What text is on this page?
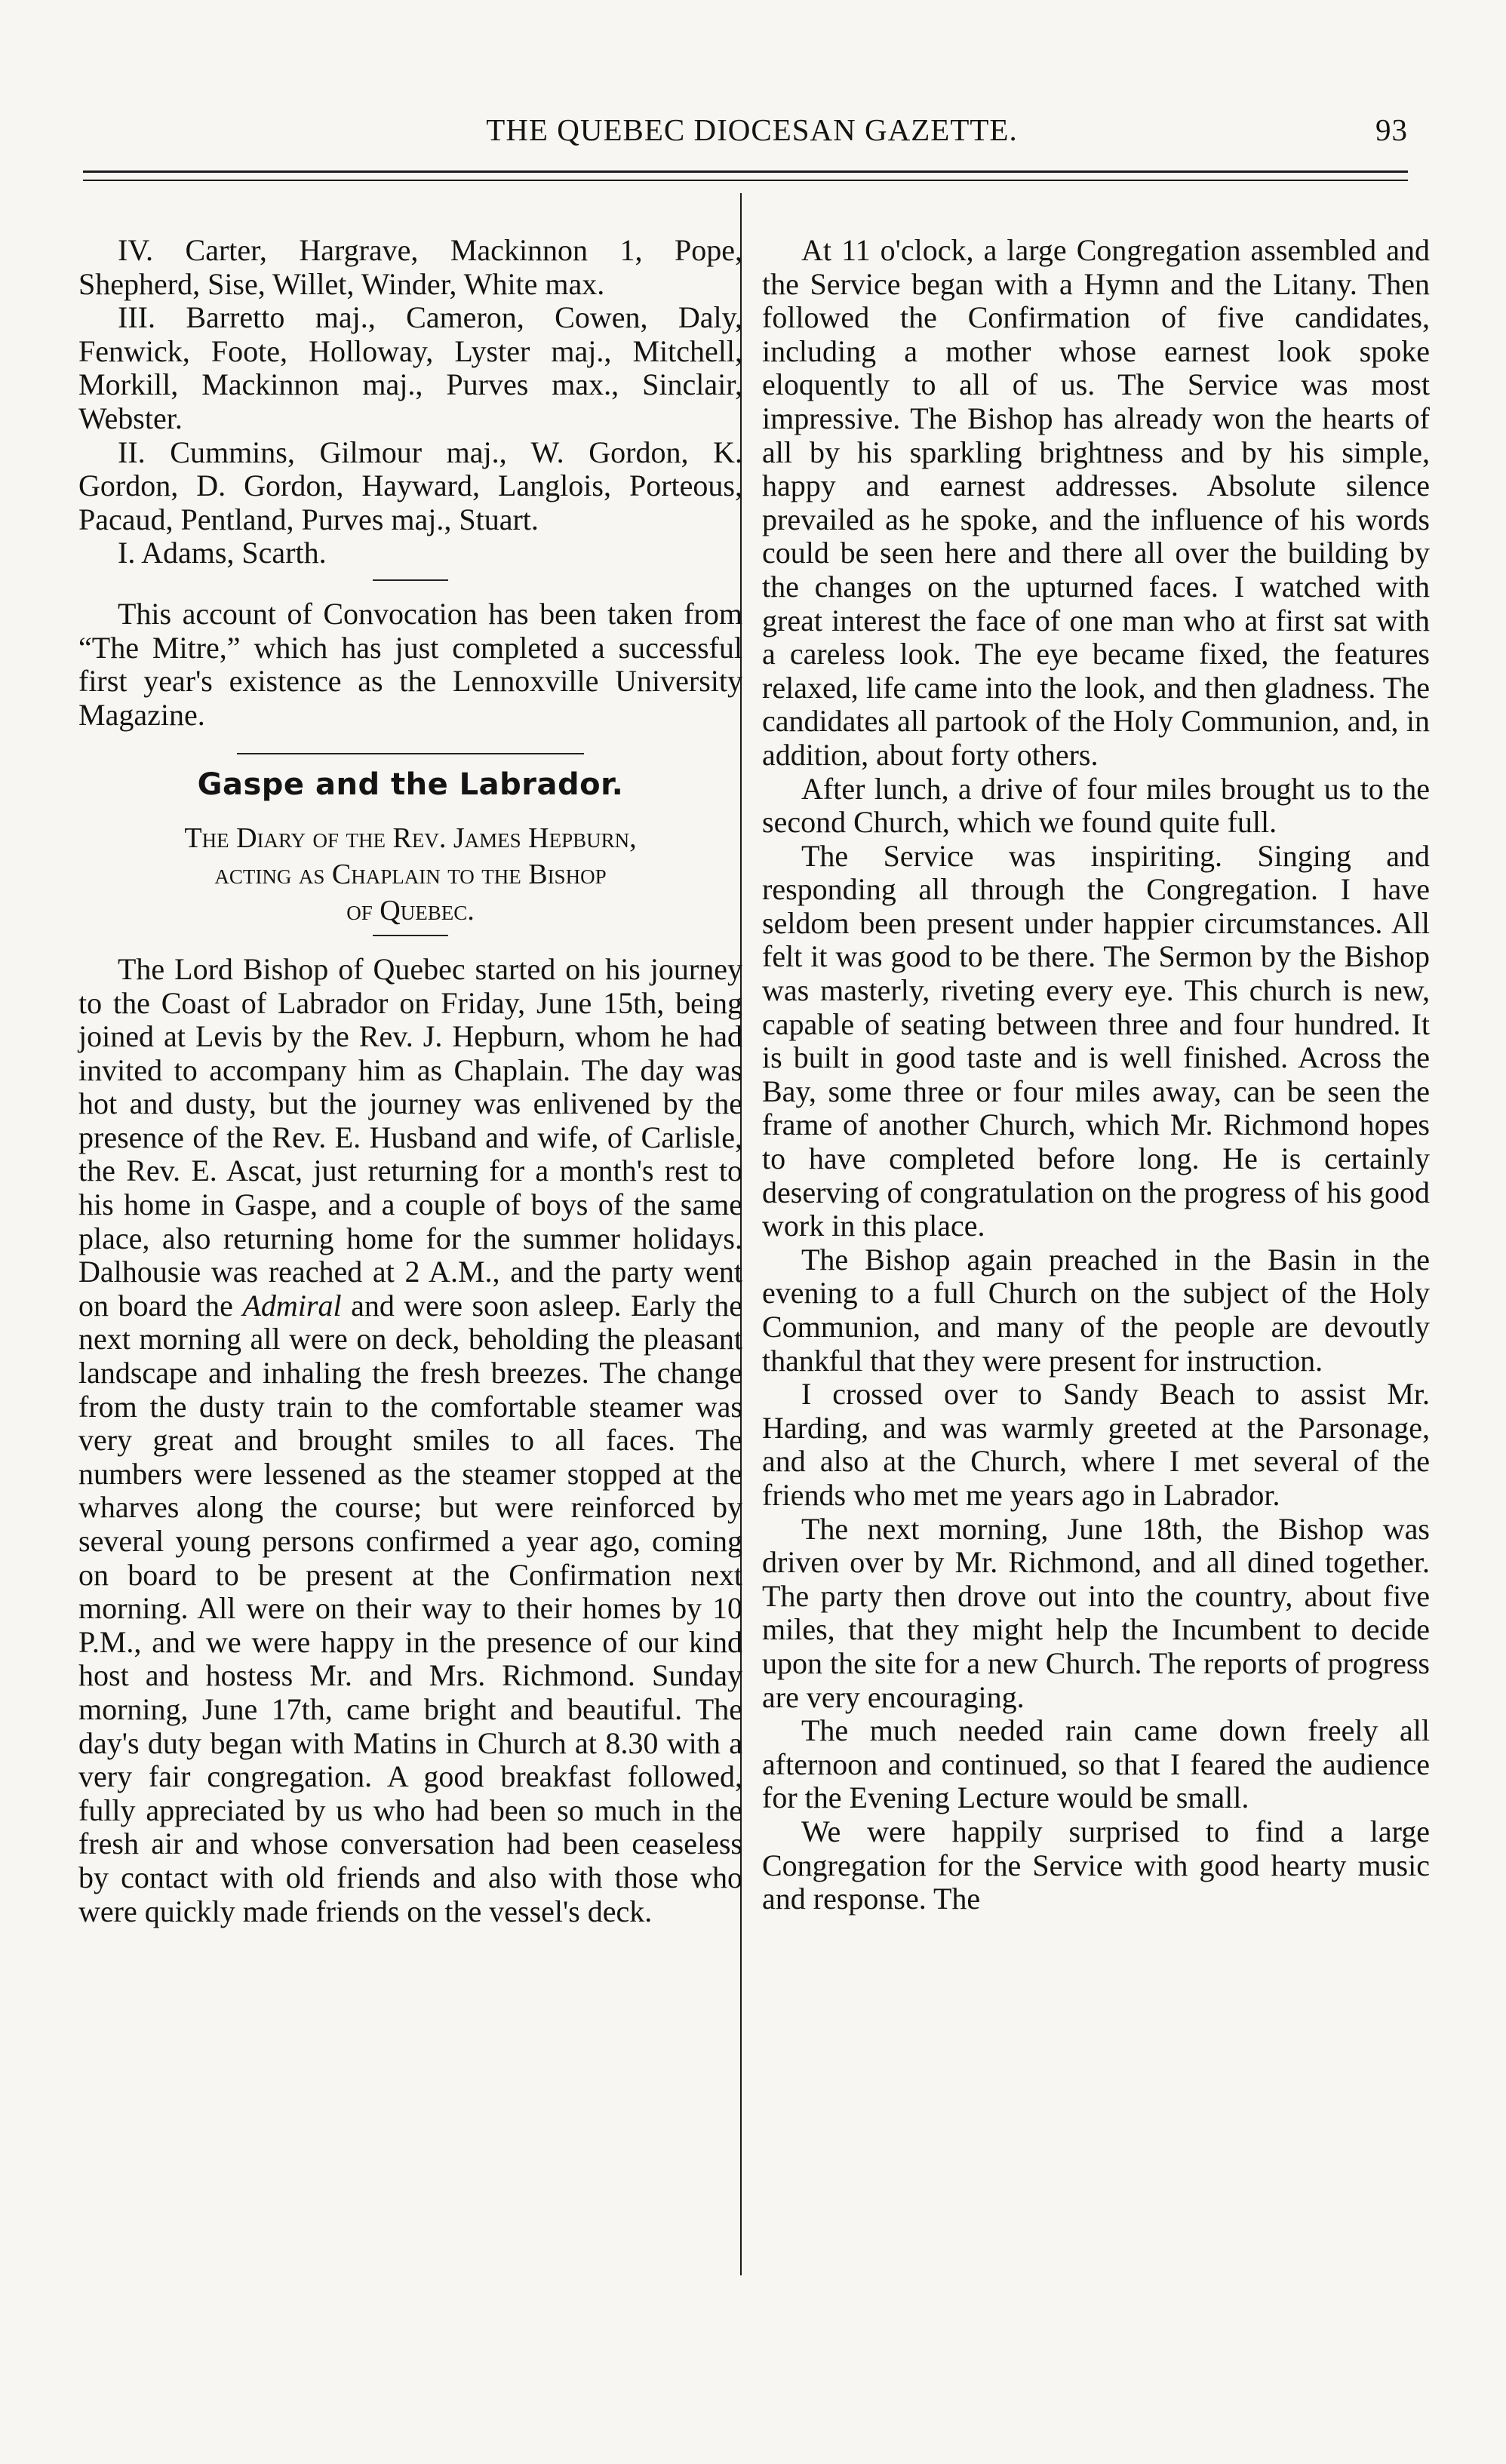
THE QUEBEC DIOCESAN GAZETTE.	93

IV. Carter, Hargrave, Mackinnon 1, Pope, Shepherd, Sise, Willet, Winder, White max.

III. Barretto maj., Cameron, Cowen, Daly, Fenwick, Foote, Holloway, Lyster maj., Mitchell, Morkill, Mackinnon maj., Purves max., Sinclair, Webster.

II. Cummins, Gilmour maj., W. Gordon, K. Gordon, D. Gordon, Hayward, Langlois, Porteous, Pacaud, Pentland, Purves maj., Stuart.

I. Adams, Scarth.

This account of Convocation has been taken from “The Mitre,” which has just completed a successful first year's existence as the Lennoxville University Magazine.

Gaspe and the Labrador.
The Diary of the Rev. James Hepburn,
acting as Chaplain to the Bishop
of Quebec.

The Lord Bishop of Quebec started on his journey to the Coast of Labrador on Friday, June 15th, being joined at Levis by the Rev. J. Hepburn, whom he had invited to accompany him as Chaplain. The day was hot and dusty, but the journey was enlivened by the presence of the Rev. E. Husband and wife, of Carlisle, the Rev. E. Ascat, just returning for a month's rest to his home in Gaspe, and a couple of boys of the same place, also returning home for the summer holidays. Dalhousie was reached at 2 A.M., and the party went on board the Admiral and were soon asleep. Early the next morning all were on deck, beholding the pleasant landscape and inhaling the fresh breezes. The change from the dusty train to the comfortable steamer was very great and brought smiles to all faces. The numbers were lessened as the steamer stopped at the wharves along the course; but were reinforced by several young persons confirmed a year ago, coming on board to be present at the Confirmation next morning. All were on their way to their homes by 10 P.M., and we were happy in the presence of our kind host and hostess Mr. and Mrs. Richmond. Sunday morning, June 17th, came bright and beautiful. The day's duty began with Matins in Church at 8.30 with a very fair congregation. A good breakfast followed, fully appreciated by us who had been so much in the fresh air and whose conversation had been ceaseless by contact with old friends and also with those who were quickly made friends on the vessel's deck.

At 11 o'clock, a large Congregation assembled and the Service began with a Hymn and the Litany. Then followed the Confirmation of five candidates, including a mother whose earnest look spoke eloquently to all of us. The Service was most impressive. The Bishop has already won the hearts of all by his sparkling brightness and by his simple, happy and earnest addresses. Absolute silence prevailed as he spoke, and the influence of his words could be seen here and there all over the building by the changes on the upturned faces. I watched with great interest the face of one man who at first sat with a careless look. The eye became fixed, the features relaxed, life came into the look, and then gladness. The candidates all partook of the Holy Communion, and, in addition, about forty others.

After lunch, a drive of four miles brought us to the second Church, which we found quite full.

The Service was inspiriting. Singing and responding all through the Congregation. I have seldom been present under happier circumstances. All felt it was good to be there. The Sermon by the Bishop was masterly, riveting every eye. This church is new, capable of seating between three and four hundred. It is built in good taste and is well finished. Across the Bay, some three or four miles away, can be seen the frame of another Church, which Mr. Richmond hopes to have completed before long. He is certainly deserving of congratulation on the progress of his good work in this place.

The Bishop again preached in the Basin in the evening to a full Church on the subject of the Holy Communion, and many of the people are devoutly thankful that they were present for instruction.

I crossed over to Sandy Beach to assist Mr. Harding, and was warmly greeted at the Parsonage, and also at the Church, where I met several of the friends who met me years ago in Labrador.

The next morning, June 18th, the Bishop was driven over by Mr. Richmond, and all dined together. The party then drove out into the country, about five miles, that they might help the Incumbent to decide upon the site for a new Church. The reports of progress are very encouraging.

The much needed rain came down freely all afternoon and continued, so that I feared the audience for the Evening Lecture would be small.

We were happily surprised to find a large Congregation for the Service with good hearty music and response. The
